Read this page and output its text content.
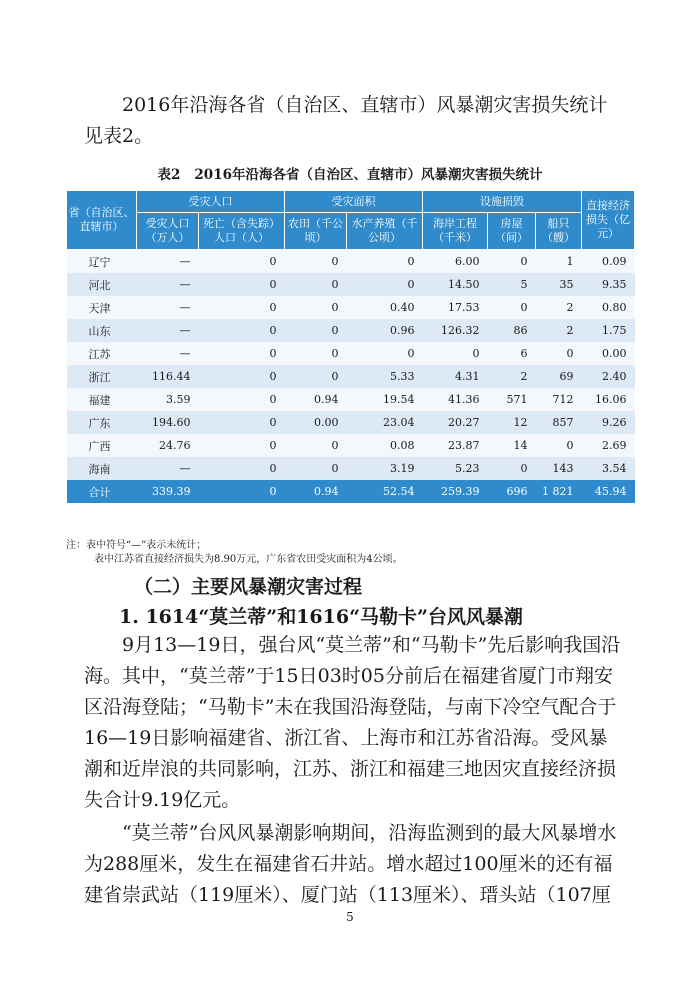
2016年沿海各省（自治区、直辖市）风暴潮灾害损失统计见表2。

表2 2016年沿海各省（自治区、直辖市）风暴潮灾害损失统计
省（自治区、直辖市）	受灾人口		受灾面积		设施损毁			直接经济损失（亿元）
	受灾人口（万人）	死亡（含失踪）人口（人）	农田（千公顷）	水产养殖（千公顷）	海岸工程（千米）	房屋（间）	船只（艘）	
辽宁	—	0	0	0	6.00	0	1	0.09
河北	—	0	0	0	14.50	5	35	9.35
天津	—	0	0	0.40	17.53	0	2	0.80
山东	—	0	0	0.96	126.32	86	2	1.75
江苏	—	0	0	0	0	6	0	0.00
浙江	116.44	0	0	5.33	4.31	2	69	2.40
福建	3.59	0	0.94	19.54	41.36	571	712	16.06
广东	194.60	0	0.00	23.04	20.27	12	857	9.26
广西	24.76	0	0	0.08	23.87	14	0	2.69
海南	—	0	0	3.19	5.23	0	143	3.54
合计	339.39	0	0.94	52.54	259.39	696	1 821	45.94
注：表中符号“—”表示未统计；
表中江苏省直接经济损失为8.90万元，广东省农田受灾面积为4公顷。
（二）主要风暴潮灾害过程
1. 1614“莫兰蒂”和1616“马勒卡”台风风暴潮

9月13—19日，强台风“莫兰蒂”和“马勒卡”先后影响我国沿海。其中，“莫兰蒂”于15日03时05分前后在福建省厦门市翔安区沿海登陆；“马勒卡”未在我国沿海登陆，与南下冷空气配合于16—19日影响福建省、浙江省、上海市和江苏省沿海。受风暴潮和近岸浪的共同影响，江苏、浙江和福建三地因灾直接经济损失合计9.19亿元。

“莫兰蒂”台风风暴潮影响期间，沿海监测到的最大风暴增水为288厘米，发生在福建省石井站。增水超过100厘米的还有福建省崇武站（119厘米）、厦门站（113厘米）、瑨头站（107厘

5
